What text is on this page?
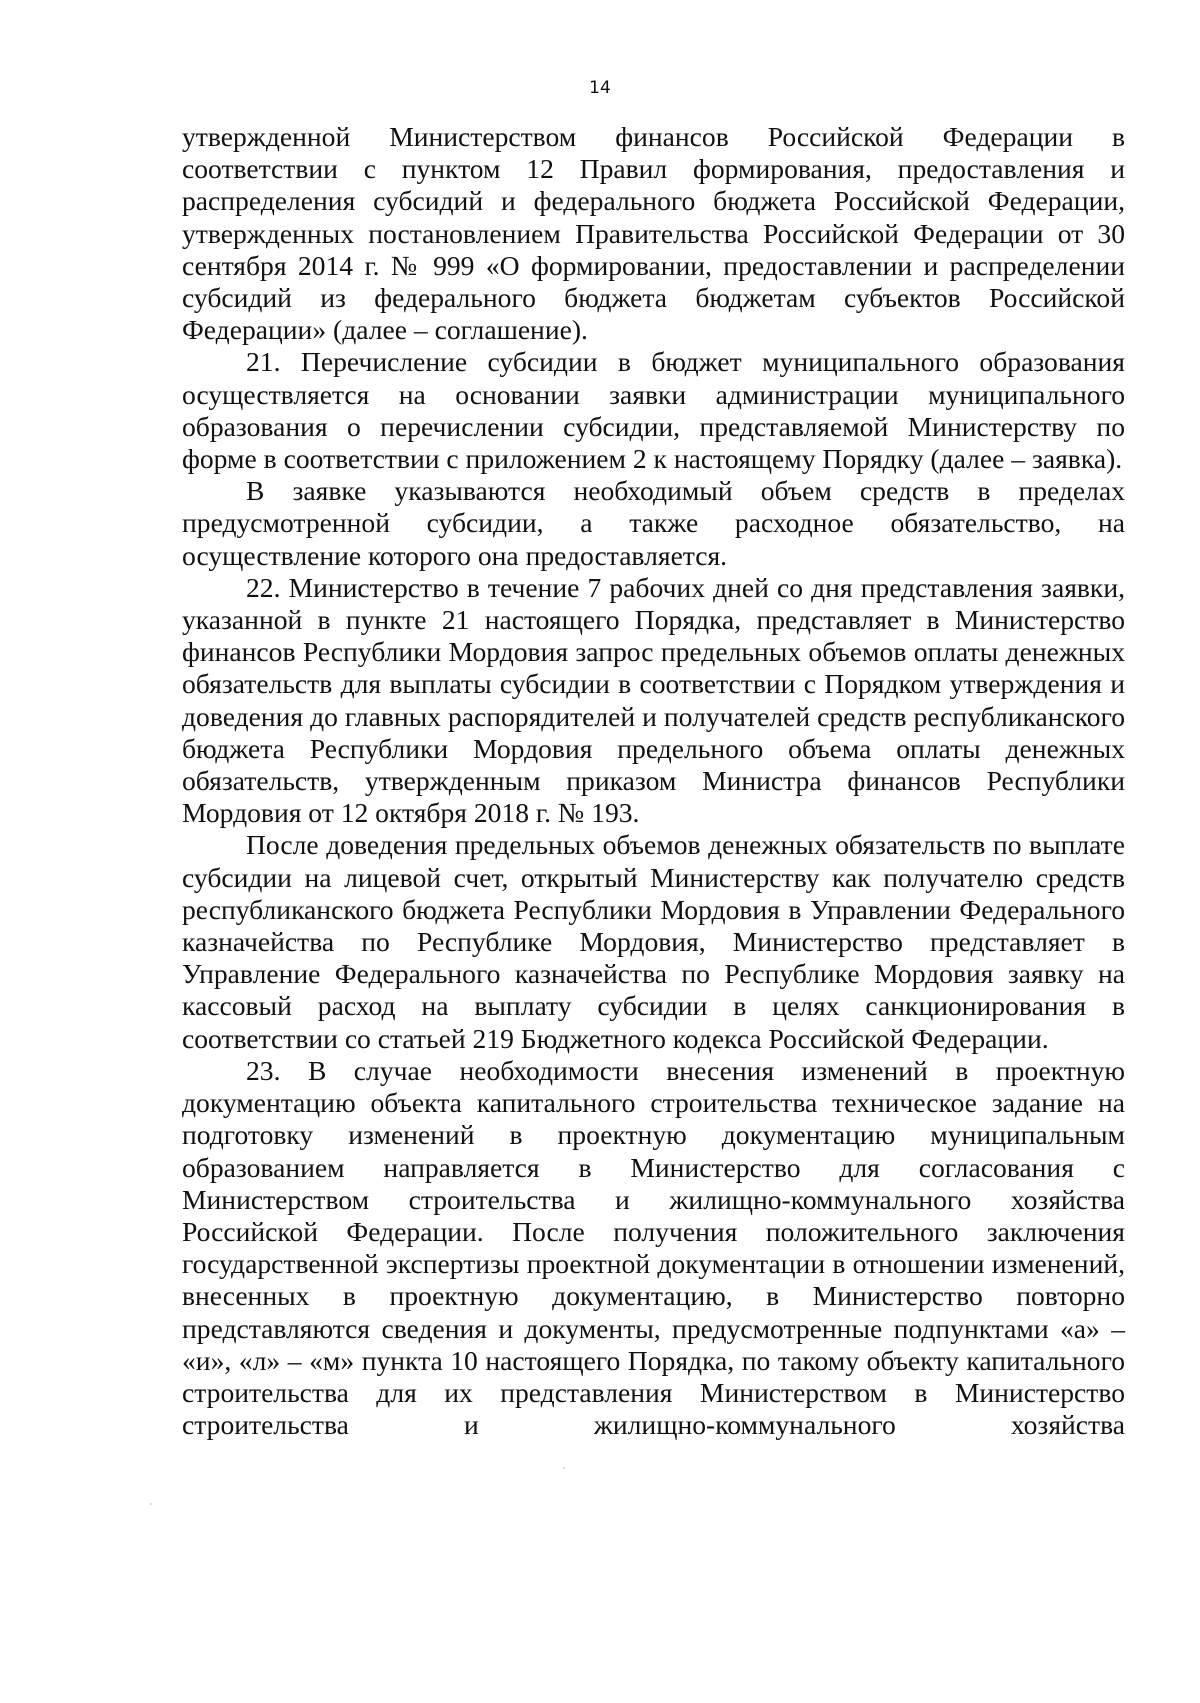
14

утвержденной Министерством финансов Российской Федерации в соответствии с пунктом 12 Правил формирования, предоставления и распределения субсидий и федерального бюджета Российской Федерации, утвержденных постановлением Правительства Российской Федерации от 30 сентября 2014 г. № 999 «О формировании, предоставлении и распределении субсидий из федерального бюджета бюджетам субъектов Российской Федерации» (далее – соглашение).

21. Перечисление субсидии в бюджет муниципального образования осуществляется на основании заявки администрации муниципального образования о перечислении субсидии, представляемой Министерству по форме в соответствии с приложением 2 к настоящему Порядку (далее – заявка).

В заявке указываются необходимый объем средств в пределах предусмотренной субсидии, а также расходное обязательство, на осуществление которого она предоставляется.

22. Министерство в течение 7 рабочих дней со дня представления заявки, указанной в пункте 21 настоящего Порядка, представляет в Министерство финансов Республики Мордовия запрос предельных объемов оплаты денежных обязательств для выплаты субсидии в соответствии с Порядком утверждения и доведения до главных распорядителей и получателей средств республиканского бюджета Республики Мордовия предельного объема оплаты денежных обязательств, утвержденным приказом Министра финансов Республики Мордовия от 12 октября 2018 г. № 193.

После доведения предельных объемов денежных обязательств по выплате субсидии на лицевой счет, открытый Министерству как получателю средств республиканского бюджета Республики Мордовия в Управлении Федерального казначейства по Республике Мордовия, Министерство представляет в Управление Федерального казначейства по Республике Мордовия заявку на кассовый расход на выплату субсидии в целях санкционирования в соответствии со статьей 219 Бюджетного кодекса Российской Федерации.

23. В случае необходимости внесения изменений в проектную документацию объекта капитального строительства техническое задание на подготовку изменений в проектную документацию муниципальным образованием направляется в Министерство для согласования с Министерством строительства и жилищно-коммунального хозяйства Российской Федерации. После получения положительного заключения государственной экспертизы проектной документации в отношении изменений, внесенных в проектную документацию, в Министерство повторно представляются сведения и документы, предусмотренные подпунктами «а» – «и», «л» – «м» пункта 10 настоящего Порядка, по такому объекту капитального строительства для их представления Министерством в Министерство строительства и жилищно-коммунального хозяйства
